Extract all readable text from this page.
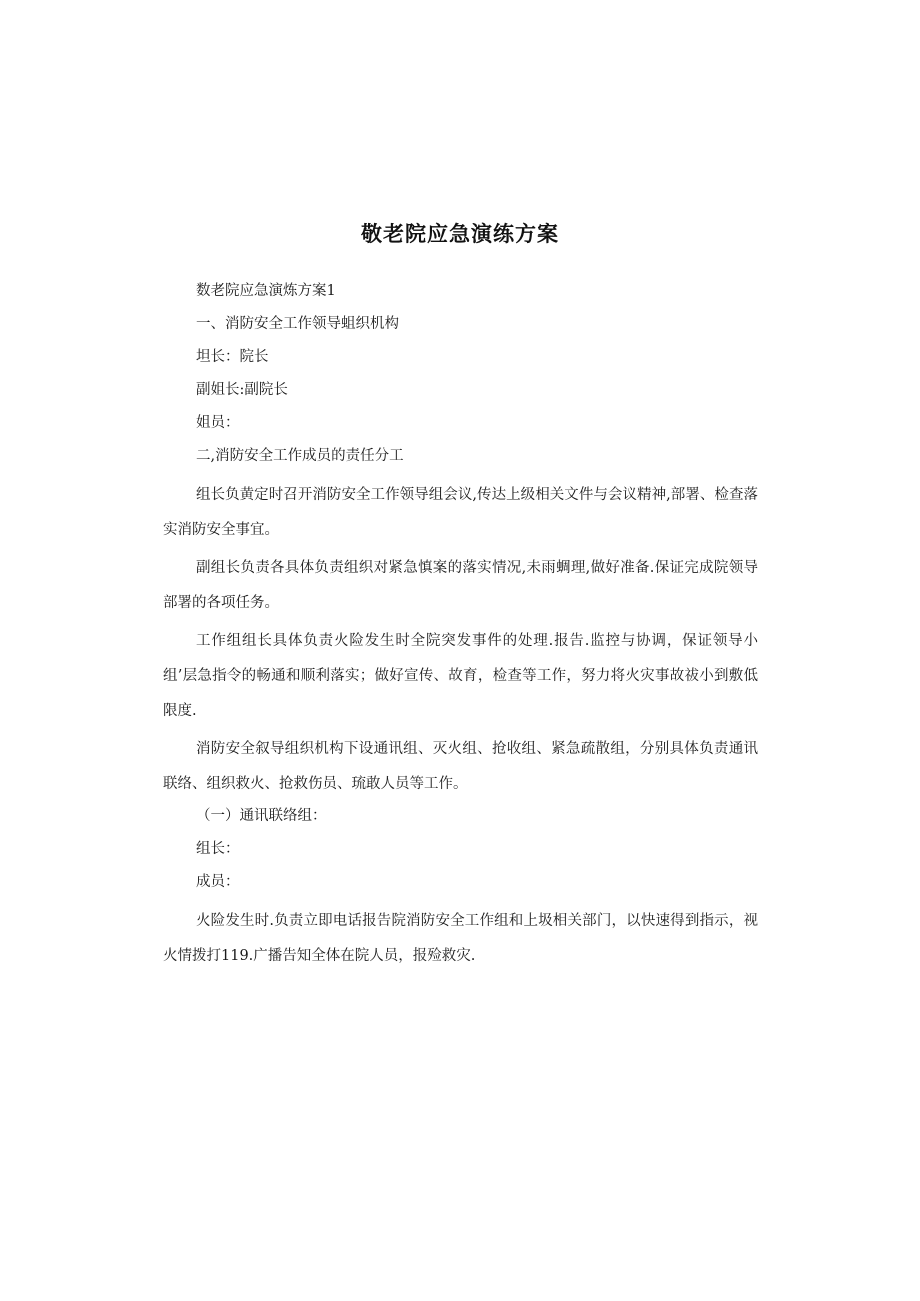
敬老院应急演练方案

数老院应急演炼方案1

一、消防安全工作领导蛆织机构

坦长：院长

副姐长:副院长

姐员：

二,消防安全工作成员的责任分工

组长负黄定时召开消防安全工作领导组会议,传达上级相关文件与会议精神,部署、检查落实消防安全事宜。

副组长负责各具体负责组织对紧急慎案的落实情况,未雨蜩理,做好准备.保证完成院领导部署的各项任务。

工作组组长具体负责火险发生时全院突发事件的处理.报告.监控与协调，保证领导小组’层急指令的畅通和顺利落实；做好宣传、故育，检查等工作，努力将火灾事故祓小到敷低限度.

消防安全叙导组织机构下设通讯组、灭火组、抢收组、紧急疏散组，分别具体负责通讯联络、组织救火、抢救伤员、琉敢人员等工作。

（一）通讯联络组：

组长：

成员：

火险发生时.负责立即电话报告院消防安全工作组和上圾相关部门，以快速得到指示，视火情拨打119.广播告知全体在院人员，报殓救灾.
